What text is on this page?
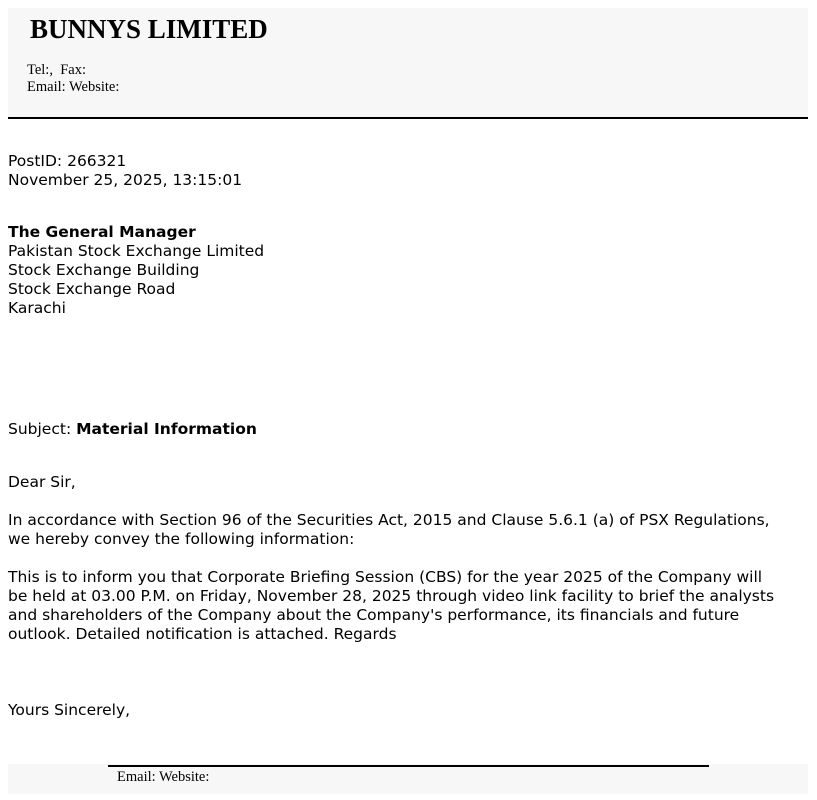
BUNNYS LIMITED
Tel:,  Fax:
Email: Website:
PostID: 266321
November 25, 2025, 13:15:01
The General Manager
Pakistan Stock Exchange Limited
Stock Exchange Building
Stock Exchange Road
Karachi
Subject: Material Information
Dear Sir,
In accordance with Section 96 of the Securities Act, 2015 and Clause 5.6.1 (a) of PSX Regulations,
we hereby convey the following information:
This is to inform you that Corporate Briefing Session (CBS) for the year 2025 of the Company will
be held at 03.00 P.M. on Friday, November 28, 2025 through video link facility to brief the analysts
and shareholders of the Company about the Company's performance, its financials and future
outlook. Detailed notification is attached. Regards
Yours Sincerely,
Email: Website:
